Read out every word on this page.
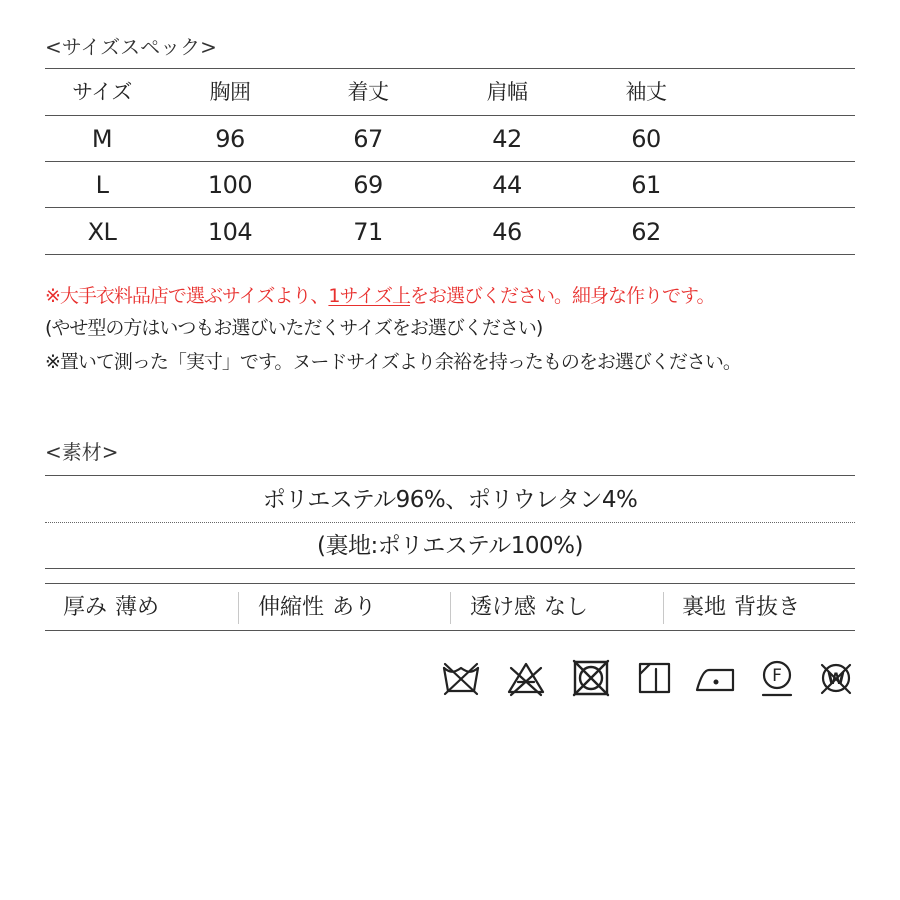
<サイズスペック>
サイズ	胸囲	着丈	肩幅	袖丈
M	96	67	42	60
L	100	69	44	61
XL	104	71	46	62
※大手衣料品店で選ぶサイズより、1サイズ上をお選びください。細身な作りです。
(やせ型の方はいつもお選びいただくサイズをお選びください)
※置いて測った「実寸」です。ヌードサイズより余裕を持ったものをお選びください。
<素材>
ポリエステル96%、ポリウレタン4%
(裏地:ポリエステル100%)
厚み 薄め	伸縮性 あり	透け感 なし	裏地 背抜き
F	W
